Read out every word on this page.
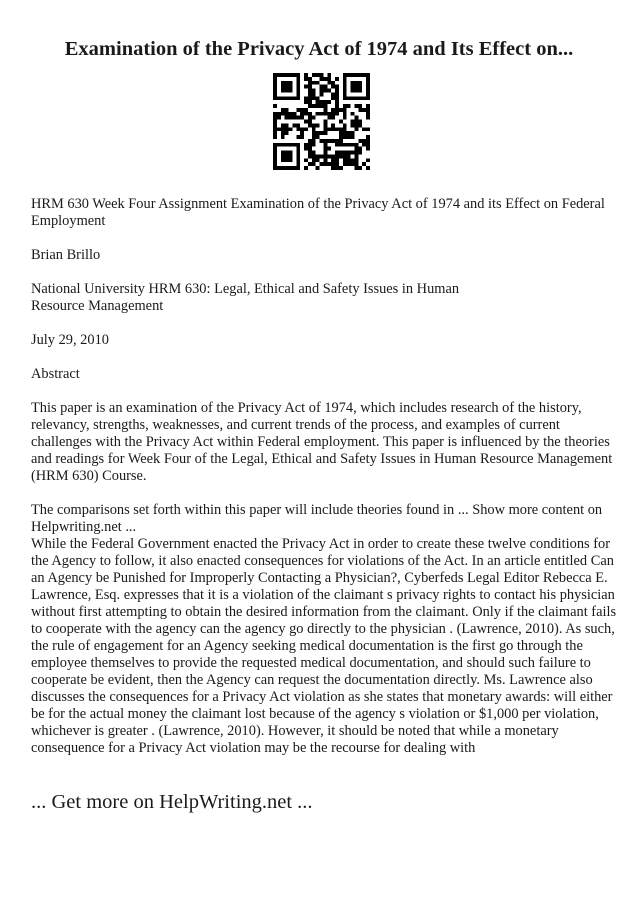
Examination of the Privacy Act of 1974 and Its Effect on...

HRM 630 Week Four Assignment Examination of the Privacy Act of 1974 and its Effect on Federal Employment

Brian Brillo

National University HRM 630: Legal, Ethical and Safety Issues in Human Resource Management

July 29, 2010

Abstract

This paper is an examination of the Privacy Act of 1974, which includes research of the history, relevancy, strengths, weaknesses, and current trends of the process, and examples of current challenges with the Privacy Act within Federal employment. This paper is influenced by the theories and readings for Week Four of the Legal, Ethical and Safety Issues in Human Resource Management (HRM 630) Course.

The comparisons set forth within this paper will include theories found in ... Show more content on Helpwriting.net ...

While the Federal Government enacted the Privacy Act in order to create these twelve conditions for the Agency to follow, it also enacted consequences for violations of the Act. In an article entitled Can an Agency be Punished for Improperly Contacting a Physician?, Cyberfeds Legal Editor Rebecca E. Lawrence, Esq. expresses that it is a violation of the claimant s privacy rights to contact his physician without first attempting to obtain the desired information from the claimant. Only if the claimant fails to cooperate with the agency can the agency go directly to the physician . (Lawrence, 2010). As such, the rule of engagement for an Agency seeking medical documentation is the first go through the employee themselves to provide the requested medical documentation, and should such failure to cooperate be evident, then the Agency can request the documentation directly. Ms. Lawrence also discusses the consequences for a Privacy Act violation as she states that monetary awards: will either be for the actual money the claimant lost because of the agency s violation or $1,000 per violation, whichever is greater . (Lawrence, 2010). However, it should be noted that while a monetary consequence for a Privacy Act violation may be the recourse for dealing with

... Get more on HelpWriting.net ...
